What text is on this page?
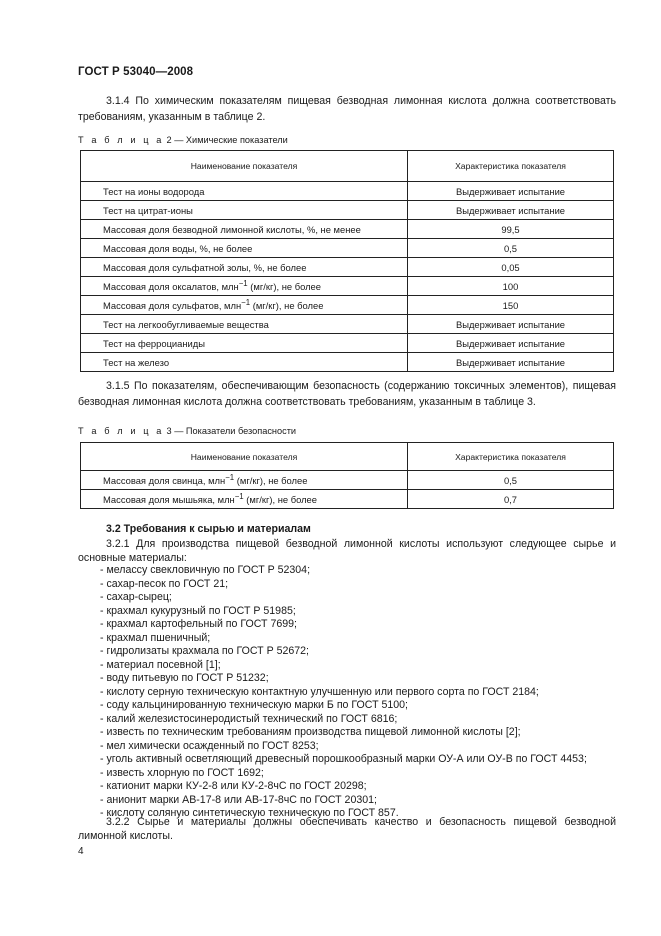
ГОСТ Р 53040—2008
3.1.4 По химическим показателям пищевая безводная лимонная кислота должна соответствовать требованиям, указанным в таблице 2.
Т а б л и ц а 2 — Химические показатели
Наименование показателя	Характеристика показателя
Тест на ионы водорода	Выдерживает испытание
Тест на цитрат-ионы	Выдерживает испытание
Массовая доля безводной лимонной кислоты, %, не менее	99,5
Массовая доля воды, %, не более	0,5
Массовая доля сульфатной золы, %, не более	0,05
Массовая доля оксалатов, млн$^{-1}$ (мг/кг), не более	100
Массовая доля сульфатов, млн$^{-1}$ (мг/кг), не более	150
Тест на легкообугливаемые вещества	Выдерживает испытание
Тест на ферроцианиды	Выдерживает испытание
Тест на железо	Выдерживает испытание
3.1.5 По показателям, обеспечивающим безопасность (содержанию токсичных элементов), пищевая безводная лимонная кислота должна соответствовать требованиям, указанным в таблице 3.
Т а б л и ц а 3 — Показатели безопасности
Наименование показателя	Характеристика показателя
Массовая доля свинца, млн$^{-1}$ (мг/кг), не более	0,5
Массовая доля мышьяка, млн$^{-1}$ (мг/кг), не более	0,7
3.2 Требования к сырью и материалам
3.2.1 Для производства пищевой безводной лимонной кислоты используют следующее сырье и основные материалы:
- мелассу свекловичную по ГОСТ Р 52304;
- сахар-песок по ГОСТ 21;
- сахар-сырец;
- крахмал кукурузный по ГОСТ Р 51985;
- крахмал картофельный по ГОСТ 7699;
- крахмал пшеничный;
- гидролизаты крахмала по ГОСТ Р 52672;
- материал посевной [1];
- воду питьевую по ГОСТ Р 51232;
- кислоту серную техническую контактную улучшенную или первого сорта по ГОСТ 2184;
- соду кальцинированную техническую марки Б по ГОСТ 5100;
- калий железистосинеродистый технический по ГОСТ 6816;
- известь по техническим требованиям производства пищевой лимонной кислоты [2];
- мел химически осажденный по ГОСТ 8253;
- уголь активный осветляющий древесный порошкообразный марки ОУ-А или ОУ-В по ГОСТ 4453;
- известь хлорную по ГОСТ 1692;
- катионит марки КУ-2-8 или КУ-2-8чС по ГОСТ 20298;
- анионит марки АВ-17-8 или АВ-17-8чС по ГОСТ 20301;
- кислоту соляную синтетическую техническую по ГОСТ 857.
3.2.2 Сырье и материалы должны обеспечивать качество и безопасность пищевой безводной лимонной кислоты.
4
